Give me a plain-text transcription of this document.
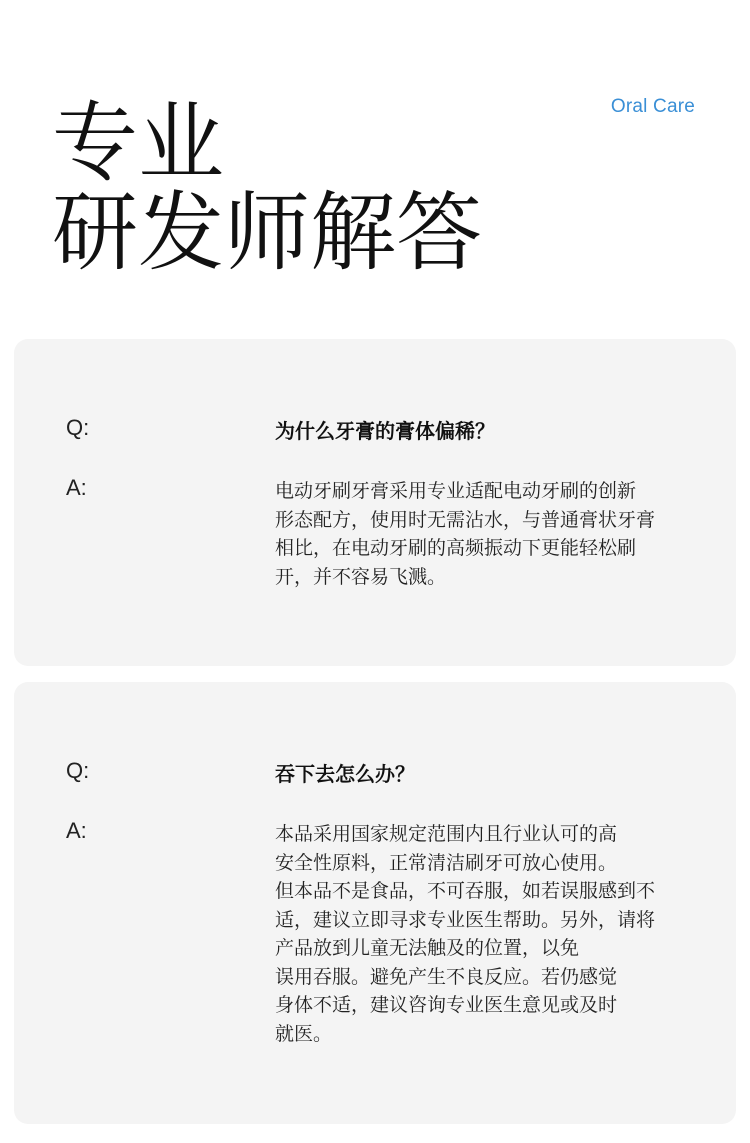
Oral Care
专业
研发师解答
Q:	为什么牙膏的膏体偏稀？
A:	电动牙刷牙膏采用专业适配电动牙刷的创新
形态配方，使用时无需沾水，与普通膏状牙膏
相比，在电动牙刷的高频振动下更能轻松刷
开，并不容易飞溅。
Q:	吞下去怎么办？
A:	本品采用国家规定范围内且行业认可的高
安全性原料，正常清洁刷牙可放心使用。
但本品不是食品，不可吞服，如若误服感到不
适，建议立即寻求专业医生帮助。另外，请将
产品放到儿童无法触及的位置，以免
误用吞服。避免产生不良反应。若仍感觉
身体不适，建议咨询专业医生意见或及时
就医。
